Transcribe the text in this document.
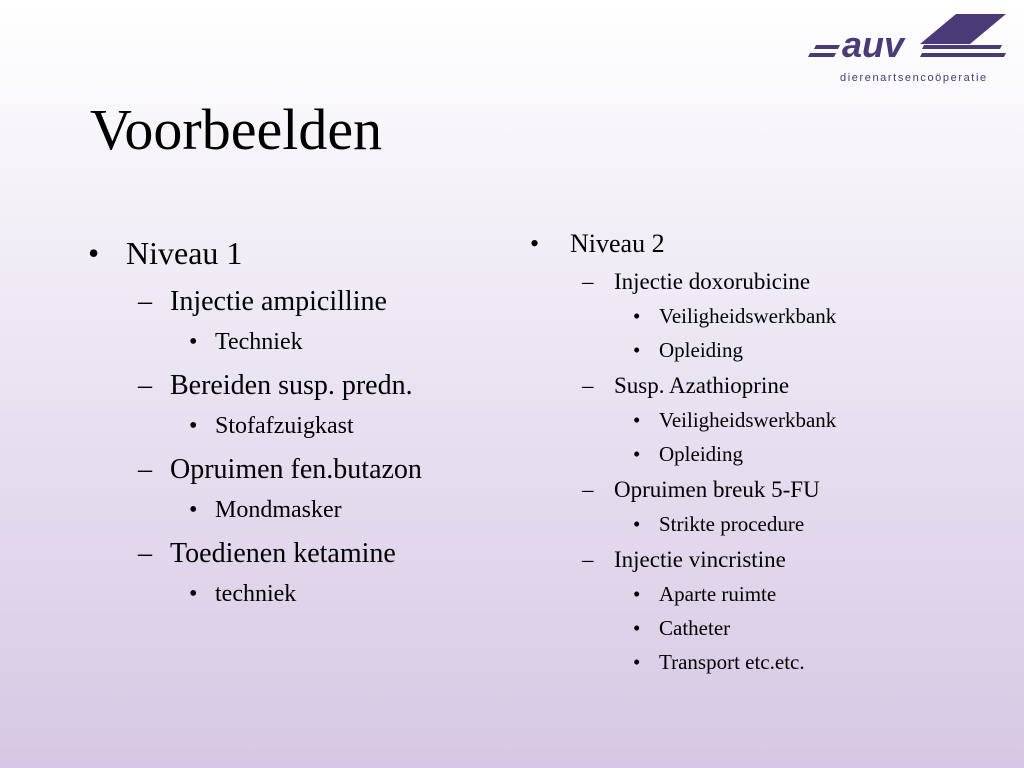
auv
dierenartsencoöperatie
Voorbeelden
• Niveau 1
– Injectie ampicilline
• Techniek
– Bereiden susp. predn.
• Stofafzuigkast
– Opruimen fen.butazon
• Mondmasker
– Toedienen ketamine
• techniek
• Niveau 2
– Injectie doxorubicine
• Veiligheidswerkbank
• Opleiding
– Susp. Azathioprine
• Veiligheidswerkbank
• Opleiding
– Opruimen breuk 5-FU
• Strikte procedure
– Injectie vincristine
• Aparte ruimte
• Catheter
• Transport etc.etc.
